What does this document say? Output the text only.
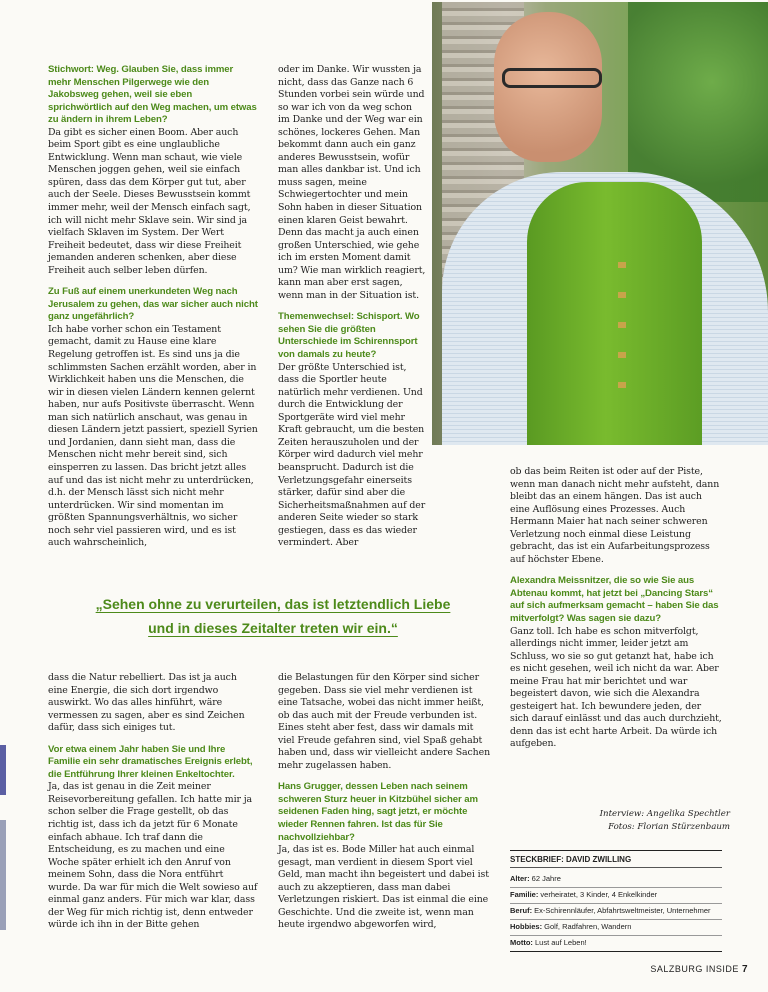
Stichwort: Weg. Glauben Sie, dass immer mehr Menschen Pilgerwege wie den Jakobsweg gehen, weil sie eben sprichwörtlich auf den Weg machen, um etwas zu ändern in ihrem Leben?
Da gibt es sicher einen Boom. Aber auch beim Sport gibt es eine unglaubliche Entwicklung. Wenn man schaut, wie viele Menschen joggen gehen, weil sie einfach spüren, dass das dem Körper gut tut, aber auch der Seele. Dieses Bewusstsein kommt immer mehr, weil der Mensch einfach sagt, ich will nicht mehr Sklave sein. Wir sind ja vielfach Sklaven im System. Der Wert Freiheit bedeutet, dass wir diese Freiheit jemanden anderen schenken, aber diese Freiheit auch selber leben dürfen.
Zu Fuß auf einem unerkundeten Weg nach Jerusalem zu gehen, das war sicher auch nicht ganz ungefährlich?
Ich habe vorher schon ein Testament gemacht, damit zu Hause eine klare Regelung getroffen ist. Es sind uns ja die schlimmsten Sachen erzählt worden, aber in Wirklichkeit haben uns die Menschen, die wir in diesen vielen Ländern kennen gelernt haben, nur aufs Positivste überrascht. Wenn man sich natürlich anschaut, was genau in diesen Ländern jetzt passiert, speziell Syrien und Jordanien, dann sieht man, dass die Menschen nicht mehr bereit sind, sich einsperren zu lassen. Das bricht jetzt alles auf und das ist nicht mehr zu unterdrücken, d.h. der Mensch lässt sich nicht mehr unterdrücken. Wir sind momentan im größten Spannungsverhältnis, wo sicher noch sehr viel passieren wird, und es ist auch wahrscheinlich,
oder im Danke. Wir wussten ja nicht, dass das Ganze nach 6 Stunden vorbei sein würde und so war ich von da weg schon im Danke und der Weg war ein schönes, lockeres Gehen. Man bekommt dann auch ein ganz anderes Bewusstsein, wofür man alles dankbar ist. Und ich muss sagen, meine Schwiegertochter und mein Sohn haben in dieser Situation einen klaren Geist bewahrt. Denn das macht ja auch einen großen Unterschied, wie gehe ich im ersten Moment damit um? Wie man wirklich reagiert, kann man aber erst sagen, wenn man in der Situation ist.
Themenwechsel: Schisport. Wo sehen Sie die größten Unterschiede im Schirennsport von damals zu heute?
Der größte Unterschied ist, dass die Sportler heute natürlich mehr verdienen. Und durch die Entwicklung der Sportgeräte wird viel mehr Kraft gebraucht, um die besten Zeiten herauszuholen und der Körper wird dadurch viel mehr beansprucht. Dadurch ist die Verletzungsgefahr einerseits stärker, dafür sind aber die Sicherheitsmaßnahmen auf der anderen Seite wieder so stark gestiegen, dass es das wieder vermindert. Aber
ob das beim Reiten ist oder auf der Piste, wenn man danach nicht mehr aufsteht, dann bleibt das an einem hängen. Das ist auch eine Auflösung eines Prozesses. Auch Hermann Maier hat nach seiner schweren Verletzung noch einmal diese Leistung gebracht, das ist ein Aufarbeitungsprozess auf höchster Ebene.
Alexandra Meissnitzer, die so wie Sie aus Abtenau kommt, hat jetzt bei „Dancing Stars“ auf sich aufmerksam gemacht – haben Sie das mitverfolgt? Was sagen sie dazu?
Ganz toll. Ich habe es schon mitverfolgt, allerdings nicht immer, leider jetzt am Schluss, wo sie so gut getanzt hat, habe ich es nicht gesehen, weil ich nicht da war. Aber meine Frau hat mir berichtet und war begeistert davon, wie sich die Alexandra gesteigert hat. Ich bewundere jeden, der sich darauf einlässt und das auch durchzieht, denn das ist echt harte Arbeit. Da würde ich aufgeben.
„Sehen ohne zu verurteilen, das ist letztendlich Liebe
und in dieses Zeitalter treten wir ein.“
dass die Natur rebelliert. Das ist ja auch eine Energie, die sich dort irgendwo auswirkt. Wo das alles hinführt, wäre vermessen zu sagen, aber es sind Zeichen dafür, dass sich einiges tut.
Vor etwa einem Jahr haben Sie und Ihre Familie ein sehr dramatisches Ereignis erlebt, die Entführung Ihrer kleinen Enkeltochter.
Ja, das ist genau in die Zeit meiner Reisevorbereitung gefallen. Ich hatte mir ja schon selber die Frage gestellt, ob das richtig ist, dass ich da jetzt für 6 Monate einfach abhaue. Ich traf dann die Entscheidung, es zu machen und eine Woche später erhielt ich den Anruf von meinem Sohn, dass die Nora entführt wurde. Da war für mich die Welt sowieso auf einmal ganz anders. Für mich war klar, dass der Weg für mich richtig ist, denn entweder würde ich ihn in der Bitte gehen
die Belastungen für den Körper sind sicher gegeben. Dass sie viel mehr verdienen ist eine Tatsache, wobei das nicht immer heißt, ob das auch mit der Freude verbunden ist. Eines steht aber fest, dass wir damals mit viel Freude gefahren sind, viel Spaß gehabt haben und, dass wir vielleicht andere Sachen mehr zugelassen haben.
Hans Grugger, dessen Leben nach seinem schweren Sturz heuer in Kitzbühel sicher am seidenen Faden hing, sagt jetzt, er möchte wieder Rennen fahren. Ist das für Sie nachvollziehbar?
Ja, das ist es. Bode Miller hat auch einmal gesagt, man verdient in diesem Sport viel Geld, man macht ihn begeistert und dabei ist auch zu akzeptieren, dass man dabei Verletzungen riskiert. Das ist einmal die eine Geschichte. Und die zweite ist, wenn man heute irgendwo abgeworfen wird,
Interview: Angelika Spechtler
Fotos: Florian Stürzenbaum
STECKBRIEF: DAVID ZWILLING
Alter: 62 Jahre
Familie: verheiratet, 3 Kinder, 4 Enkelkinder
Beruf: Ex-Schirennläufer, Abfahrtsweltmeister, Unternehmer
Hobbies: Golf, Radfahren, Wandern
Motto: Lust auf Leben!
SALZBURG INSIDE 7
